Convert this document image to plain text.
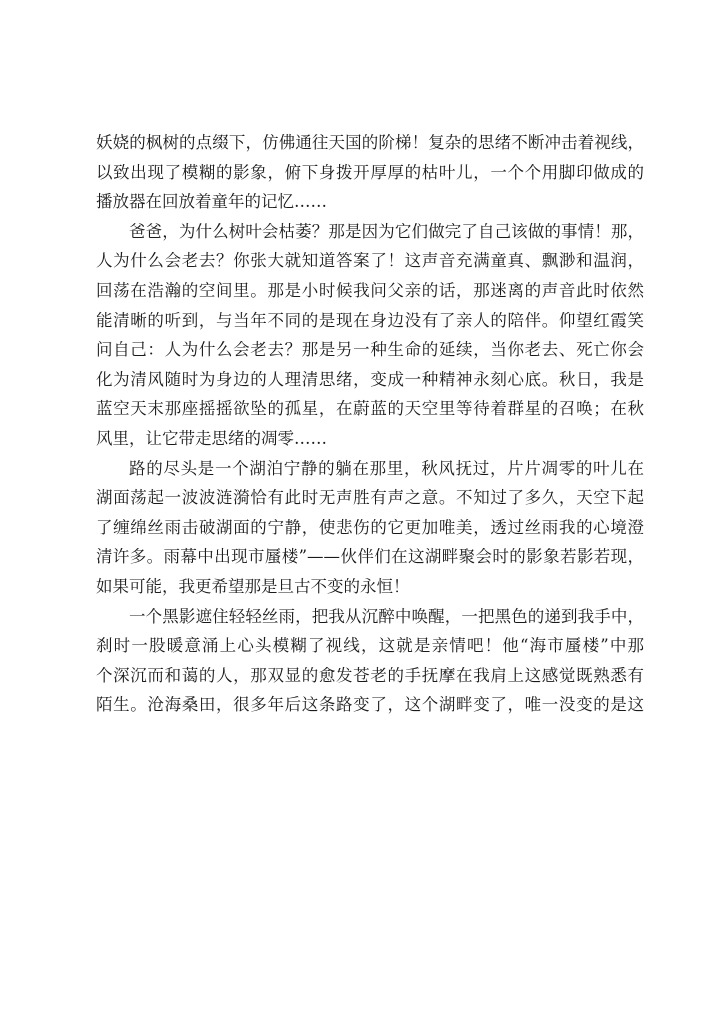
妖娆的枫树的点缀下，仿佛通往天国的阶梯！复杂的思绪不断冲击着视线，
以致出现了模糊的影象，俯下身拨开厚厚的枯叶儿，一个个用脚印做成的
播放器在回放着童年的记忆……
爸爸，为什么树叶会枯萎？那是因为它们做完了自己该做的事情！那，
人为什么会老去？你张大就知道答案了！这声音充满童真、飘渺和温润，
回荡在浩瀚的空间里。那是小时候我问父亲的话，那迷离的声音此时依然
能清晰的听到，与当年不同的是现在身边没有了亲人的陪伴。仰望红霞笑
问自己：人为什么会老去？那是另一种生命的延续，当你老去、死亡你会
化为清风随时为身边的人理清思绪，变成一种精神永刻心底。秋日，我是
蓝空天末那座摇摇欲坠的孤星，在蔚蓝的天空里等待着群星的召唤；在秋
风里，让它带走思绪的凋零……
路的尽头是一个湖泊宁静的躺在那里，秋风抚过，片片凋零的叶儿在
湖面荡起一波波涟漪恰有此时无声胜有声之意。不知过了多久，天空下起
了缠绵丝雨击破湖面的宁静，使悲伤的它更加唯美，透过丝雨我的心境澄
清许多。雨幕中出现市蜃楼”——伙伴们在这湖畔聚会时的影象若影若现，
如果可能，我更希望那是旦古不变的永恒！
一个黑影遮住轻轻丝雨，把我从沉醉中唤醒，一把黑色的递到我手中，
刹时一股暖意涌上心头模糊了视线，这就是亲情吧！他“海市蜃楼”中那
个深沉而和蔼的人，那双显的愈发苍老的手抚摩在我肩上这感觉既熟悉有
陌生。沧海桑田，很多年后这条路变了，这个湖畔变了，唯一没变的是这
